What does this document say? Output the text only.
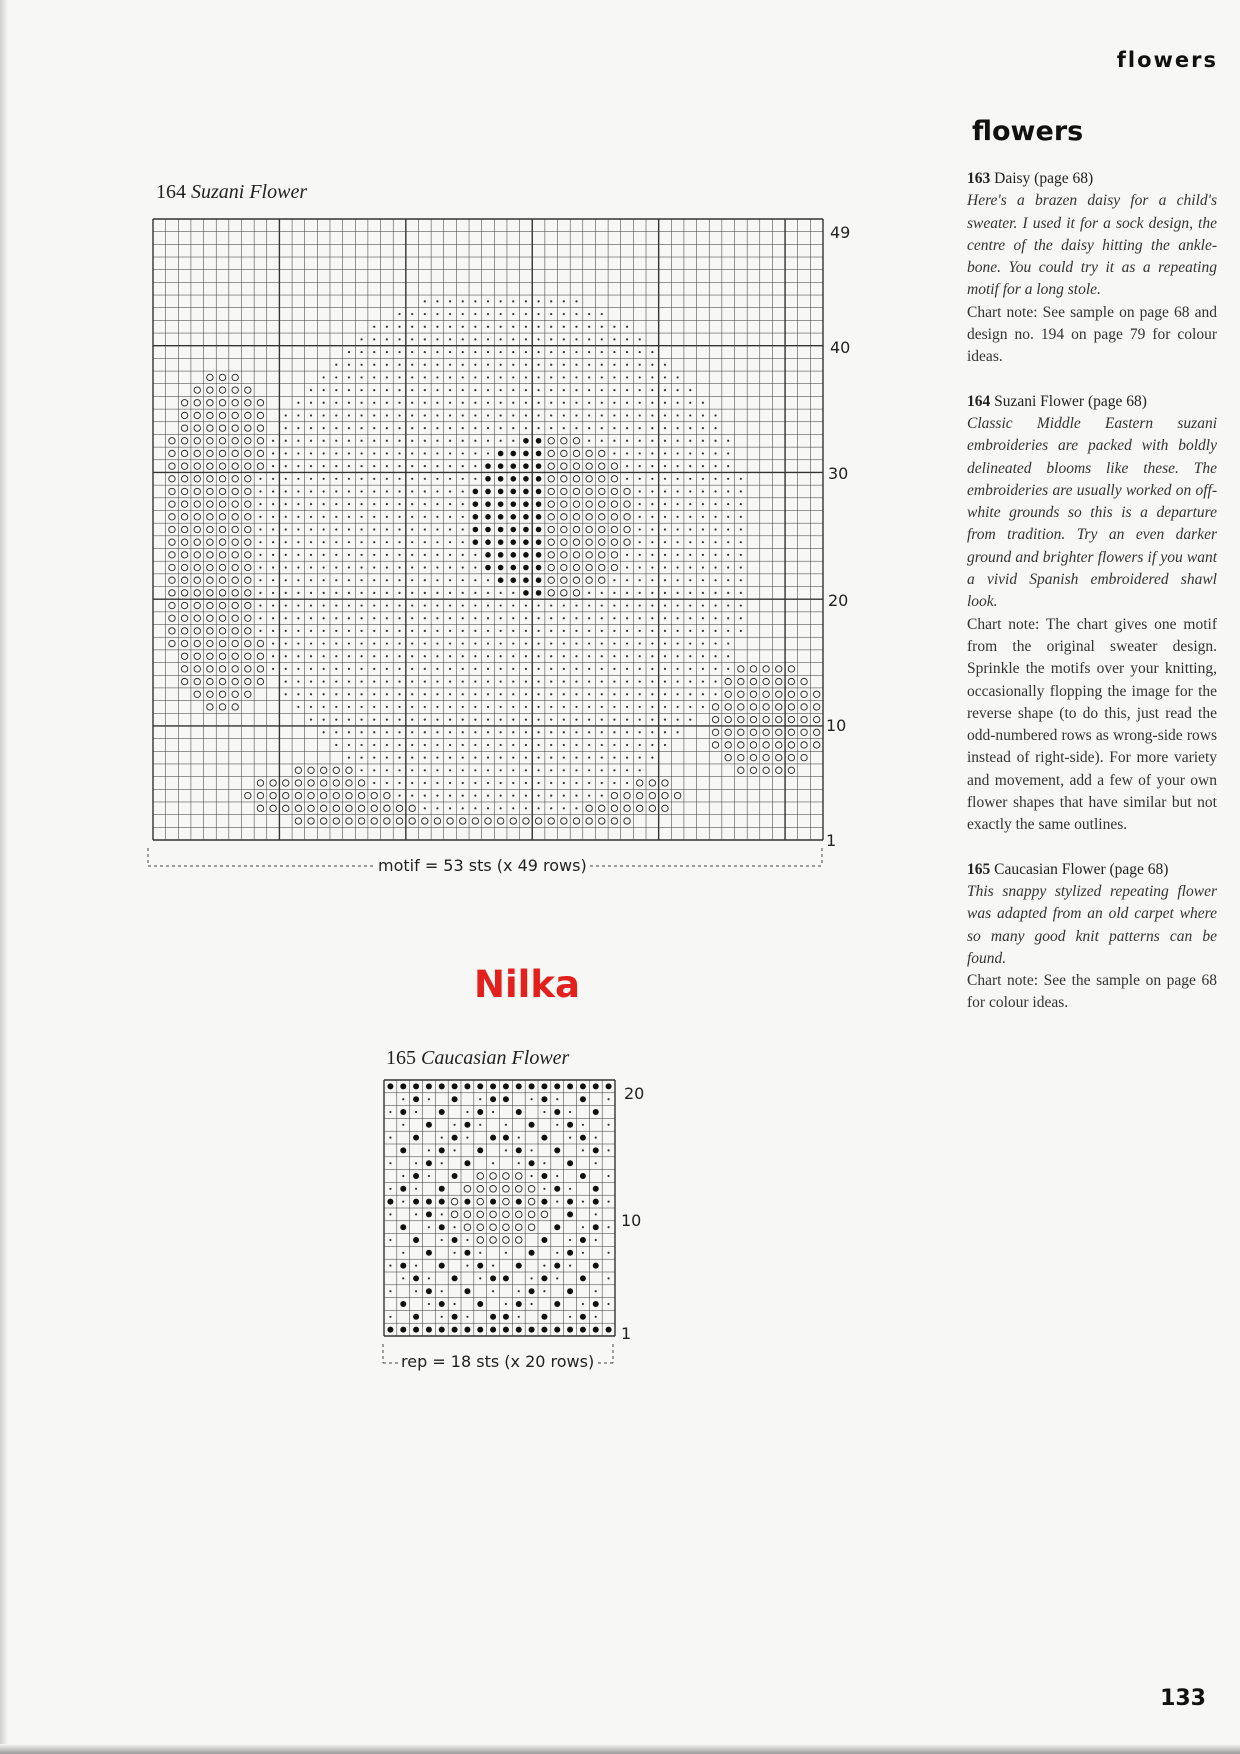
flowers
flowers
164 Suzani Flower
165 Caucasian Flower
49
40
30
20
10
1
motif = 53 sts (x 49 rows)
20
10
1
rep = 18 sts (x 20 rows)
Nilka
163 Daisy (page 68)
Here's a brazen daisy for a child's sweater. I used it for a sock design, the centre of the daisy hitting the ankle-bone. You could try it as a repeating motif for a long stole.
Chart note: See sample on page 68 and design no. 194 on page 79 for colour ideas.
164 Suzani Flower (page 68)
Classic Middle Eastern suzani embroideries are packed with boldly delineated blooms like these. The embroideries are usually worked on off-white grounds so this is a departure from tradition. Try an even darker ground and brighter flowers if you want a vivid Spanish embroidered shawl look.
Chart note: The chart gives one motif from the original sweater design. Sprinkle the motifs over your knitting, occasionally flopping the image for the reverse shape (to do this, just read the odd-numbered rows as wrong-side rows instead of right-side). For more variety and movement, add a few of your own flower shapes that have similar but not exactly the same outlines.
165 Caucasian Flower (page 68)
This snappy stylized repeating flower was adapted from an old carpet where so many good knit patterns can be found.
Chart note: See the sample on page 68 for colour ideas.
133
